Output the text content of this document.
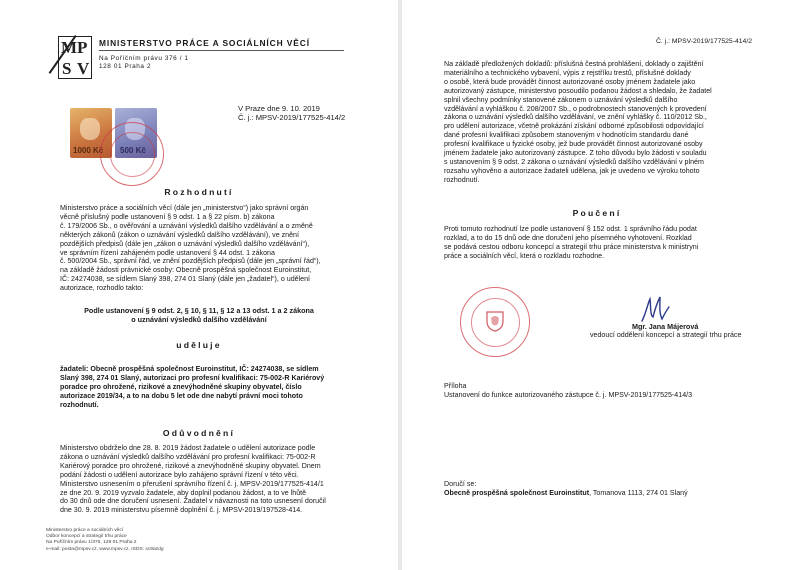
M P
S V
MINISTERSTVO PRÁCE A SOCIÁLNÍCH VĚCÍ
Na Poříčním právu 376 / 1
128 01 Praha 2
1000 Kč 500 Kč
V Praze dne 9. 10. 2019
Č. j.: MPSV-2019/177525-414/2
Rozhodnutí
Ministerstvo práce a sociálních věcí (dále jen „ministerstvo“) jako správní orgán
věcně příslušný podle ustanovení § 9 odst. 1 a § 22 písm. b) zákona
č. 179/2006 Sb., o ověřování a uznávání výsledků dalšího vzdělávání a o změně
některých zákonů (zákon o uznávání výsledků dalšího vzdělávání), ve znění
pozdějších předpisů (dále jen „zákon o uznávání výsledků dalšího vzdělávání“),
ve správním řízení zahájeném podle ustanovení § 44 odst. 1 zákona
č. 500/2004 Sb., správní řád, ve znění pozdějších předpisů (dále jen „správní řád“),
na základě žádosti právnické osoby: Obecně prospěšná společnost Euroinstitut,
IČ: 24274038, se sídlem Slaný 398, 274 01 Slaný (dále jen „žadatel“), o udělení
autorizace, rozhodlo takto:
Podle ustanovení § 9 odst. 2, § 10, § 11, § 12 a 13 odst. 1 a 2 zákona
o uznávání výsledků dalšího vzdělávání
uděluje
žadateli: Obecně prospěšná společnost Euroinstitut, IČ: 24274038, se sídlem
Slaný 398, 274 01 Slaný, autorizaci pro profesní kvalifikaci: 75-002-R Kariérový
poradce pro ohrožené, rizikové a znevýhodněné skupiny obyvatel, číslo
autorizace 2019/34, a to na dobu 5 let ode dne nabytí právní moci tohoto
rozhodnutí.
Odůvodnění
Ministerstvo obdrželo dne 28. 8. 2019 žádost žadatele o udělení autorizace podle
zákona o uznávání výsledků dalšího vzdělávání pro profesní kvalifikaci: 75-002-R
Kariérový poradce pro ohrožené, rizikové a znevýhodněné skupiny obyvatel. Dnem
podání žádosti o udělení autorizace bylo zahájeno správní řízení v této věci.
Ministerstvo usnesením o přerušení správního řízení č. j. MPSV-2019/177525-414/1
ze dne 20. 9. 2019 vyzvalo žadatele, aby doplnil podanou žádost, a to ve lhůtě
do 30 dnů ode dne doručení usnesení. Žadatel v návaznosti na toto usnesení doručil
dne 30. 9. 2019 ministerstvu písemně doplnění č. j. MPSV-2019/197528-414.
Ministerstvo práce a sociálních věcí
Odbor koncepcí a strategií trhu práce
Na Poříčním právu 1/376, 128 01 Praha 2
e-mail: posta@mpsv.cz, www.mpsv.cz, ISDS: sc9azdg
Č. j.: MPSV-2019/177525-414/2
Na základě předložených dokladů: příslušná čestná prohlášení, doklady o zajištění
materiálního a technického vybavení, výpis z rejstříku trestů, příslušné doklady
o osobě, která bude provádět činnost autorizované osoby jménem žadatele jako
autorizovaný zástupce, ministerstvo posoudilo podanou žádost a shledalo, že žadatel
splnil všechny podmínky stanovené zákonem o uznávání výsledků dalšího
vzdělávání a vyhláškou č. 208/2007 Sb., o podrobnostech stanovených k provedení
zákona o uznávání výsledků dalšího vzdělávání, ve znění vyhlášky č. 110/2012 Sb.,
pro udělení autorizace, včetně prokázání získání odborné způsobilosti odpovídající
dané profesní kvalifikaci způsobem stanoveným v hodnotícím standardu dané
profesní kvalifikace u fyzické osoby, jež bude provádět činnost autorizované osoby
jménem žadatele jako autorizovaný zástupce. Z toho důvodu bylo žádosti v souladu
s ustanovením § 9 odst. 2 zákona o uznávání výsledků dalšího vzdělávání v plném
rozsahu vyhověno a autorizace žadateli udělena, jak je uvedeno ve výroku tohoto
rozhodnutí.
Poučení
Proti tomuto rozhodnutí lze podle ustanovení § 152 odst. 1 správního řádu podat
rozklad, a to do 15 dnů ode dne doručení jeho písemného vyhotovení. Rozklad
se podává cestou odboru koncepcí a strategií trhu práce ministerstva k ministryni
práce a sociálních věcí, která o rozkladu rozhodne.
Mgr. Jana Májerová
vedoucí oddělení koncepcí a strategií trhu práce
Příloha
Ustanovení do funkce autorizovaného zástupce č. j. MPSV-2019/177525-414/3
Doručí se:
Obecně prospěšná společnost Euroinstitut, Tomanova 1113, 274 01 Slaný
